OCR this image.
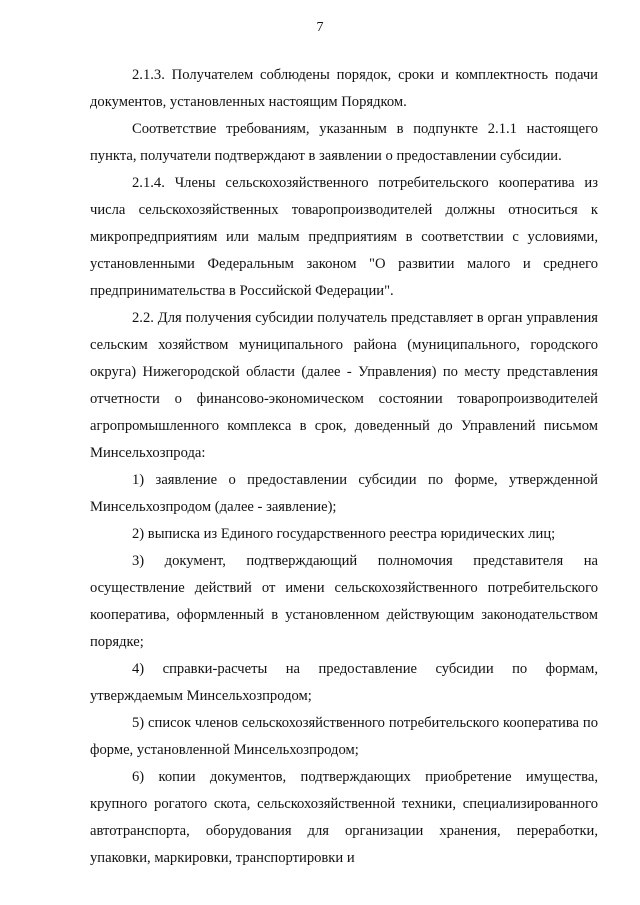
7

2.1.3. Получателем соблюдены порядок, сроки и комплектность подачи документов, установленных настоящим Порядком.

Соответствие требованиям, указанным в подпункте 2.1.1 настоящего пункта, получатели подтверждают в заявлении о предоставлении субсидии.

2.1.4. Члены сельскохозяйственного потребительского кооператива из числа сельскохозяйственных товаропроизводителей должны относиться к микропредприятиям или малым предприятиям в соответствии с условиями, установленными Федеральным законом "О развитии малого и среднего предпринимательства в Российской Федерации".

2.2. Для получения субсидии получатель представляет в орган управления сельским хозяйством муниципального района (муниципального, городского округа) Нижегородской области (далее - Управления) по месту представления отчетности о финансово-экономическом состоянии товаропроизводителей агропромышленного комплекса в срок, доведенный до Управлений письмом Минсельхозпрода:

1) заявление о предоставлении субсидии по форме, утвержденной Минсельхозпродом (далее - заявление);

2) выписка из Единого государственного реестра юридических лиц;

3) документ, подтверждающий полномочия представителя на осуществление действий от имени сельскохозяйственного потребительского кооператива, оформленный в установленном действующим законодательством порядке;

4) справки-расчеты на предоставление субсидии по формам, утверждаемым Минсельхозпродом;

5) список членов сельскохозяйственного потребительского кооператива по форме, установленной Минсельхозпродом;

6) копии документов, подтверждающих приобретение имущества, крупного рогатого скота, сельскохозяйственной техники, специализированного автотранспорта, оборудования для организации хранения, переработки, упаковки, маркировки, транспортировки и
